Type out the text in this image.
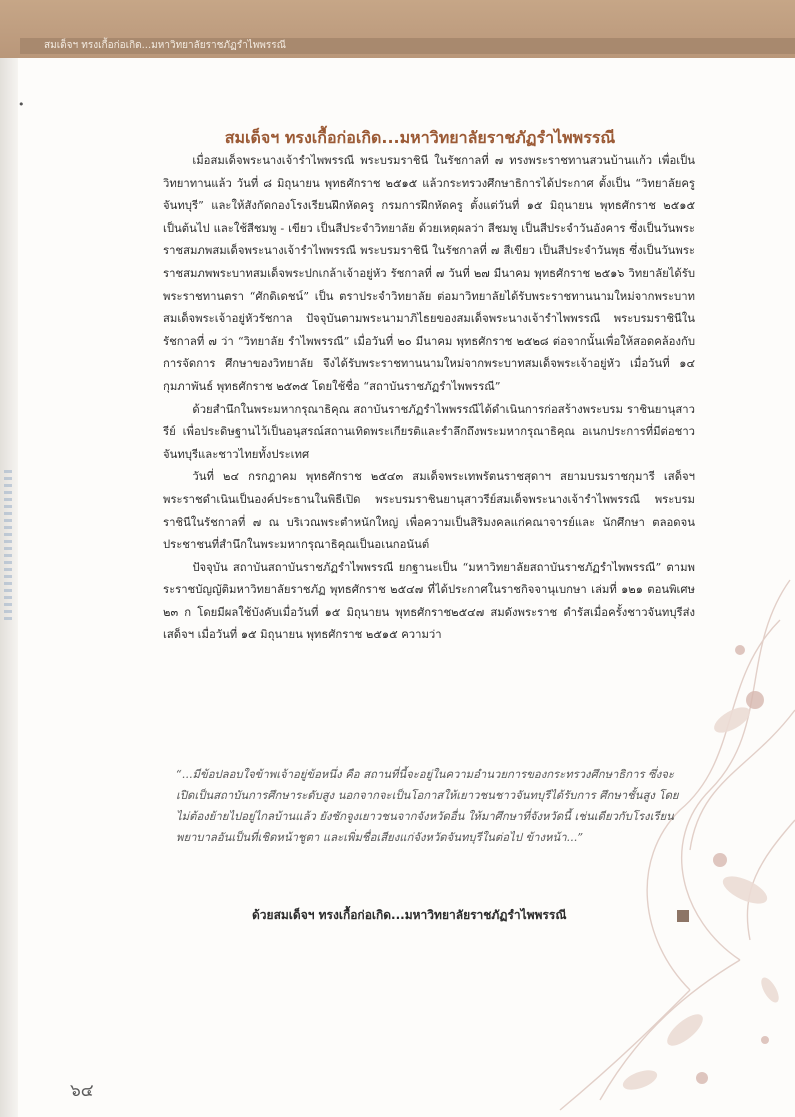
สมเด็จฯ ทรงเกื้อก่อเกิด...มหาวิทยาลัยราชภัฏรำไพพรรณี
•
สมเด็จฯ ทรงเกื้อก่อเกิด...มหาวิทยาลัยราชภัฏรำไพพรรณี

เมื่อสมเด็จพระนางเจ้ารำไพพรรณี พระบรมราชินี ในรัชกาลที่ ๗ ทรงพระราชทานสวนบ้านแก้ว เพื่อเป็นวิทยาทานแล้ว วันที่ ๘ มิถุนายน พุทธศักราช ๒๕๑๕ แล้วกระทรวงศึกษาธิการได้ประกาศ ตั้งเป็น “วิทยาลัยครูจันทบุรี” และให้สังกัดกองโรงเรียนฝึกหัดครู กรมการฝึกหัดครู ตั้งแต่วันที่ ๑๕ มิถุนายน พุทธศักราช ๒๕๑๕ เป็นต้นไป และใช้สีชมพู - เขียว เป็นสีประจำวิทยาลัย ด้วยเหตุผลว่า สีชมพู เป็นสีประจำวันอังคาร ซึ่งเป็นวันพระราชสมภพสมเด็จพระนางเจ้ารำไพพรรณี พระบรมราชินี ในรัชกาลที่ ๗ สีเขียว เป็นสีประจำวันพุธ ซึ่งเป็นวันพระราชสมภพพระบาทสมเด็จพระปกเกล้าเจ้าอยู่หัว รัชกาลที่ ๗ วันที่ ๒๗ มีนาคม พุทธศักราช ๒๕๑๖ วิทยาลัยได้รับพระราชทานตรา “ศักดิเดชน์” เป็น ตราประจำวิทยาลัย ต่อมาวิทยาลัยได้รับพระราชทานนามใหม่จากพระบาทสมเด็จพระเจ้าอยู่หัวรัชกาล ปัจจุบันตามพระนามาภิไธยของสมเด็จพระนางเจ้ารำไพพรรณี พระบรมราชินีในรัชกาลที่ ๗ ว่า “วิทยาลัย รำไพพรรณี” เมื่อวันที่ ๒๐ มีนาคม พุทธศักราช ๒๕๒๘ ต่อจากนั้นเพื่อให้สอดคล้องกับการจัดการ ศึกษาของวิทยาลัย จึงได้รับพระราชทานนามใหม่จากพระบาทสมเด็จพระเจ้าอยู่หัว เมื่อวันที่ ๑๔ กุมภาพันธ์ พุทธศักราช ๒๕๓๕ โดยใช้ชื่อ “สถาบันราชภัฏรำไพพรรณี”

ด้วยสำนึกในพระมหากรุณาธิคุณ สถาบันราชภัฏรำไพพรรณีได้ดำเนินการก่อสร้างพระบรม ราชินยานุสาวรีย์ เพื่อประดิษฐานไว้เป็นอนุสรณ์สถานเทิดพระเกียรติและรำลึกถึงพระมหากรุณาธิคุณ อเนกประการที่มีต่อชาวจันทบุรีและชาวไทยทั้งประเทศ

วันที่ ๒๔ กรกฎาคม พุทธศักราช ๒๕๔๓ สมเด็จพระเทพรัตนราชสุดาฯ สยามบรมราชกุมารี เสด็จฯ พระราชดำเนินเป็นองค์ประธานในพิธีเปิด พระบรมราชินยานุสาวรีย์สมเด็จพระนางเจ้ารำไพพรรณี พระบรมราชินีในรัชกาลที่ ๗ ณ บริเวณพระตำหนักใหญ่ เพื่อความเป็นสิริมงคลแก่คณาจารย์และ นักศึกษา ตลอดจนประชาชนที่สำนึกในพระมหากรุณาธิคุณเป็นอเนกอนันต์

ปัจจุบัน สถาบันสถาบันราชภัฏรำไพพรรณี ยกฐานะเป็น “มหาวิทยาลัยสถาบันราชภัฏรำไพพรรณี” ตามพระราชบัญญัติมหาวิทยาลัยราชภัฏ พุทธศักราช ๒๕๔๗ ที่ได้ประกาศในราชกิจจานุเบกษา เล่มที่ ๑๒๑ ตอนพิเศษ ๒๓ ก โดยมีผลใช้บังคับเมื่อวันที่ ๑๕ มิถุนายน พุทธศักราช๒๕๔๗ สมดังพระราช ดำรัสเมื่อครั้งชาวจันทบุรีส่งเสด็จฯ เมื่อวันที่ ๑๕ มิถุนายน พุทธศักราช ๒๕๑๕ ความว่า

“...มีข้อปลอบใจข้าพเจ้าอยู่ข้อหนึ่ง คือ สถานที่นี้จะอยู่ในความอำนวยการของกระทรวงศึกษาธิการ ซึ่งจะเปิดเป็นสถาบันการศึกษาระดับสูง นอกจากจะเป็นโอกาสให้เยาวชนชาวจันทบุรีได้รับการ ศึกษาชั้นสูง โดยไม่ต้องย้ายไปอยู่ไกลบ้านแล้ว ยังชักจูงเยาวชนจากจังหวัดอื่น ให้มาศึกษาที่จังหวัดนี้ เช่นเดียวกับโรงเรียนพยาบาลอันเป็นที่เชิดหน้าชูตา และเพิ่มชื่อเสียงแก่จังหวัดจันทบุรีในต่อไป ข้างหน้า...”
ด้วยสมเด็จฯ ทรงเกื้อก่อเกิด...มหาวิทยาลัยราชภัฏรำไพพรรณี
๖๔
